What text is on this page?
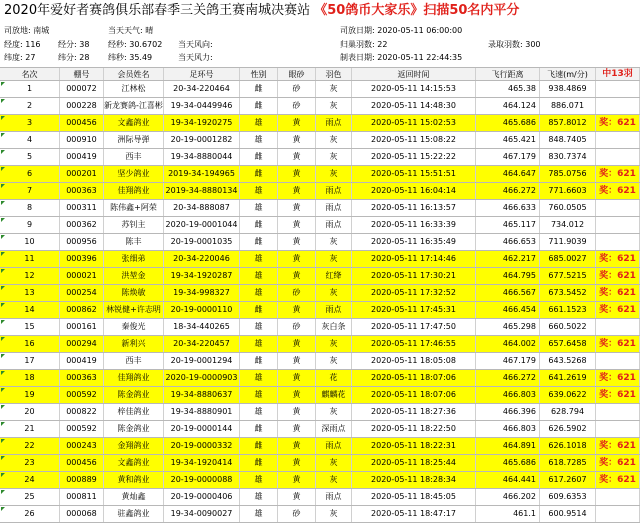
2020年爱好者赛鸽俱乐部春季三关鸽王赛南城决赛站 《50鸽币大家乐》扫描50名内平分
司放地: 南城	当天天气: 晴	司放日期: 2020-05-11 06:00:00
经度: 116 经分: 38 经秒: 30.6702 当天风向:	归巢羽数: 22	录取羽数: 300
纬度: 27	纬分: 28 纬秒: 35.49	当天风力:	制表日期: 2020-05-11 22:44:35
名次	棚号	会员姓名	足环号	性别	眼砂	羽色	返回时间	飞行距离	飞速(m/分)	中13羽
1	000072	江林松	20-34-220464	雌	砂	灰	2020-05-11 14:15:53	465.38	938.4869
2	000228 新龙赛鸽-江喜彬 19-34-0449946	雌	砂	灰	2020-05-11 14:48:30	464.124	886.071
3	000456	文鑫鸽业	19-34-1920275	雄	黄	雨点	2020-05-11 15:02:53	465.686	857.8012	奖：621
4	000910	洲际导弹	20-19-0001282	雄	黄	灰	2020-05-11 15:08:22	465.421	848.7405
5	000419	西丰	19-34-8880044	雌	黄	灰	2020-05-11 15:22:22	467.179	830.7374
6	000201	坚少鸽业	2019-34-194965	雌	黄	灰	2020-05-11 15:51:51	464.647	785.0756	奖：621
7	000363	佳翔鸽业	2019-34-8880134	雄	黄	雨点	2020-05-11 16:04:14	466.272	771.6603	奖：621
8	000311	陈伟鑫+阿荣	20-34-888087	雄	黄	雨点	2020-05-11 16:13:57	466.633	760.0505
9	000362	苏钊主	2020-19-0001044	雌	黄	雨点	2020-05-11 16:33:39	465.117	734.012
10	000956	陈丰	20-19-0001035	雌	黄	灰	2020-05-11 16:35:49	466.653	711.9039
11	000396	张细弟	20-34-220046	雄	黄	灰	2020-05-11 17:14:46	462.217	685.0027	奖：621
12	000021	洪堃金	19-34-1920287	雄	黄	红绛	2020-05-11 17:30:21	464.795	677.5215	奖：621
13	000254	陈焕敏	19-34-998327	雄	砂	灰	2020-05-11 17:32:52	466.567	673.5452	奖：621
14	000862	林锐健+许志明	20-19-0000110	雌	黄	雨点	2020-05-11 17:45:31	466.454	661.1523	奖：621
15	000161	秦俊光	18-34-440265	雄	砂	灰白条	2020-05-11 17:47:50	465.298	660.5022
16	000294	新利兴	20-34-220457	雄	黄	灰	2020-05-11 17:46:55	464.002	657.6458	奖：621
17	000419	西丰	20-19-0001294	雌	黄	灰	2020-05-11 18:05:08	467.179	643.5268
18	000363	佳翔鸽业	2020-19-0000903	雄	黄	花	2020-05-11 18:07:06	466.272	641.2619	奖：621
19	000592	陈金鸽业	19-34-8880637	雄	黄	麒麟花	2020-05-11 18:07:06	466.803	639.0622	奖：621
20	000822	梓佳鸽业	19-34-8880901	雄	黄	灰	2020-05-11 18:27:36	466.396	628.794
21	000592	陈金鸽业	20-19-0000144	雌	黄	深雨点	2020-05-11 18:22:50	466.803	626.5902
22	000243	金翔鸽业	20-19-0000332	雌	黄	雨点	2020-05-11 18:22:31	464.891	626.1018	奖：621
23	000456	文鑫鸽业	19-34-1920414	雌	黄	灰	2020-05-11 18:25:44	465.686	618.7285	奖：621
24	000889	黄和鸽业	20-19-0000088	雄	黄	灰	2020-05-11 18:28:34	464.441	617.2607	奖：621
25	000811	黄灿鑫	20-19-0000406	雄	黄	雨点	2020-05-11 18:45:05	466.202	609.6353
26	000068	驻鑫鸽业	19-34-0090027	雄	砂	灰	2020-05-11 18:47:17	461.1	600.9514
